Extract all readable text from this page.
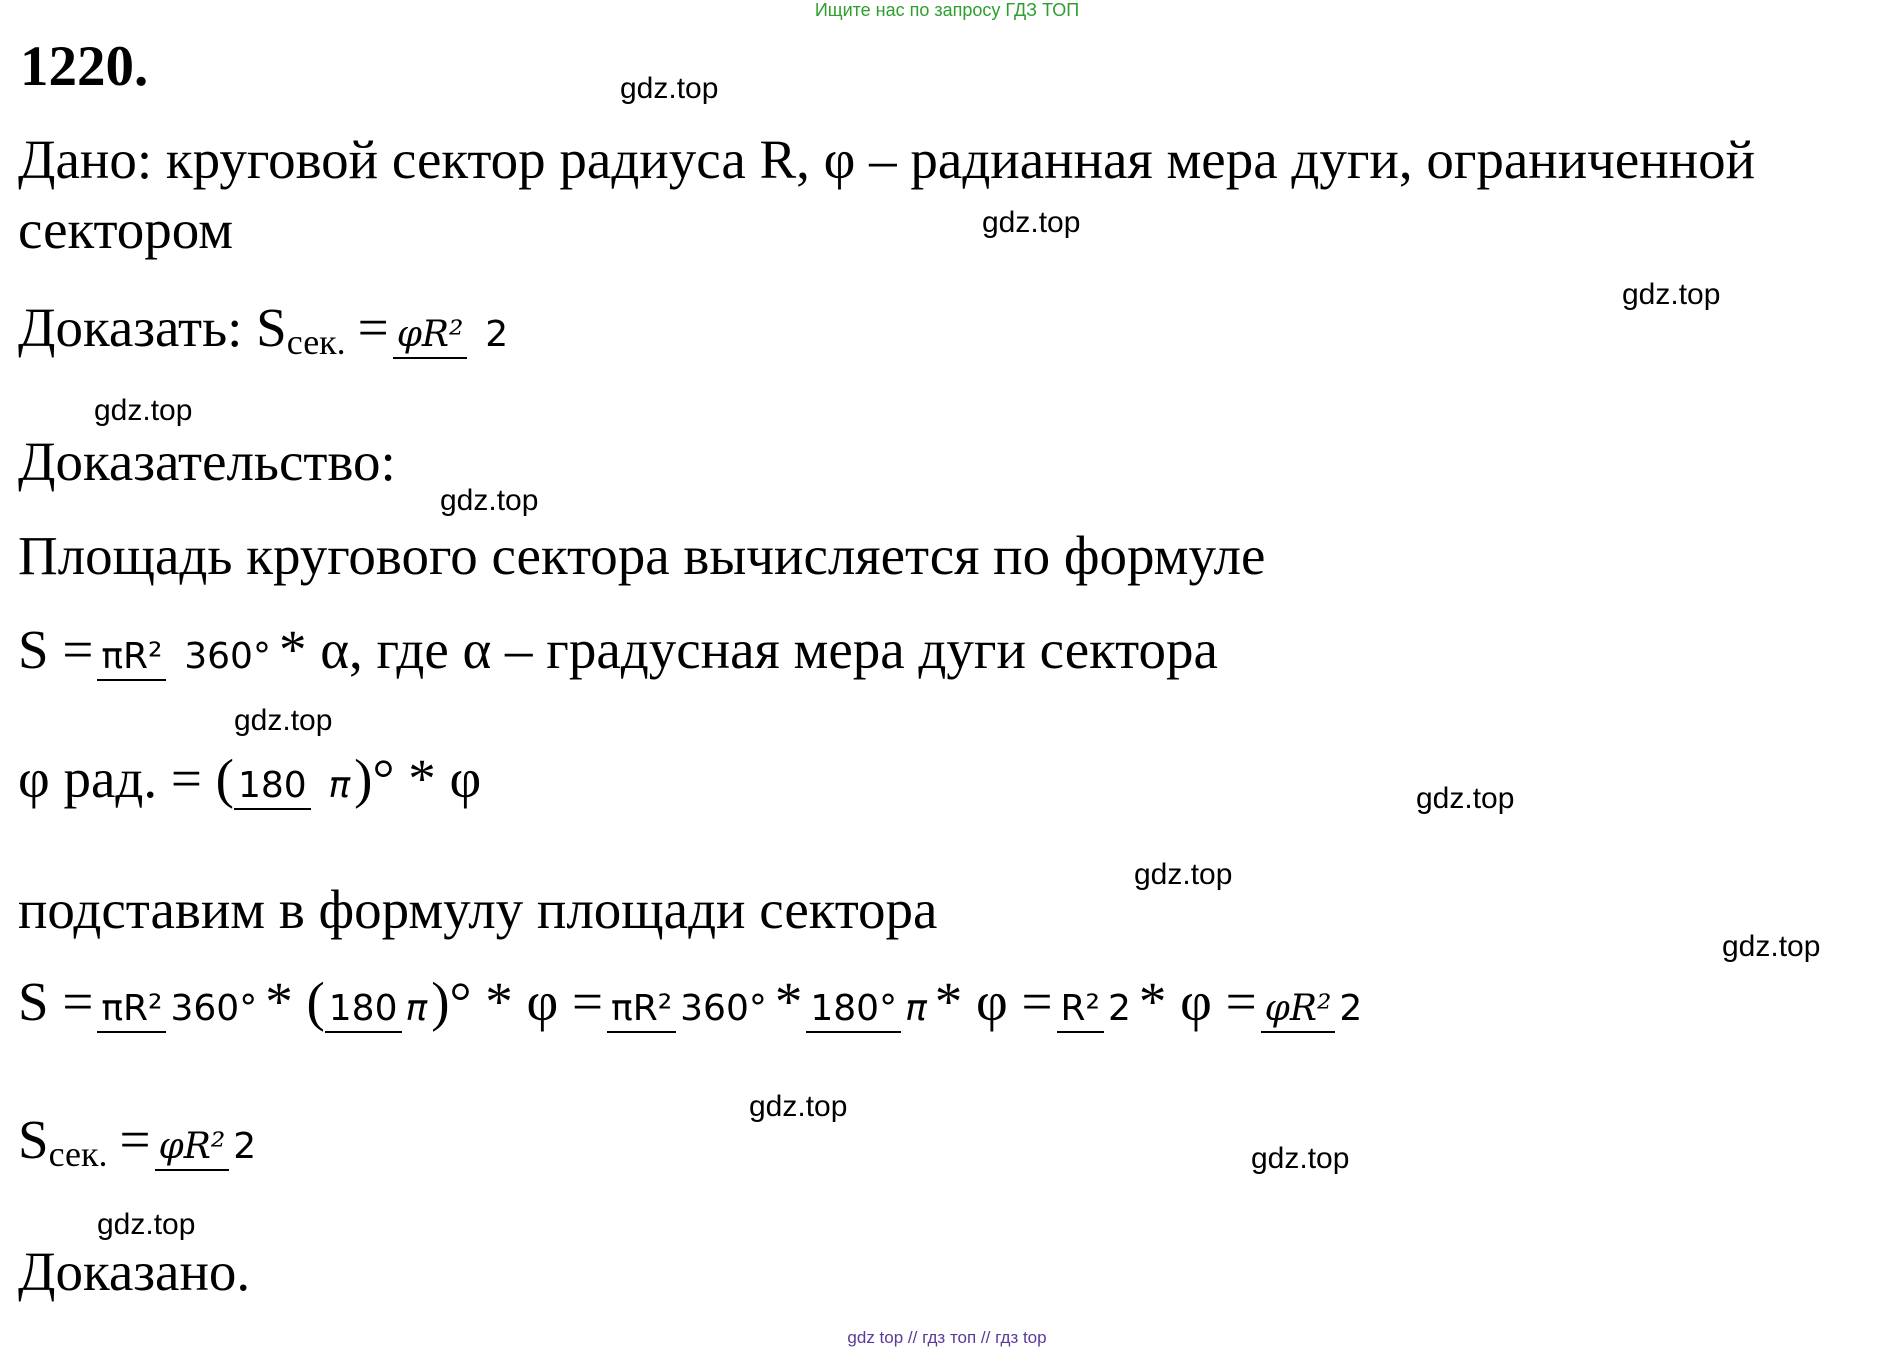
Ищите нас по запросу ГДЗ ТОП
1220.
Дано: круговой сектор радиуса R, φ – радианная мера дуги, ограниченной
сектором
Доказать: S сек. = φR² 2
Доказательство:
Площадь кругового сектора вычисляется по формуле
S = πR² 360° * α, где α – градусная мера дуги сектора
φ рад. = ( 180 π )° * φ
подставим в формулу площади сектора
S = πR² 360° * ( 180 π )° * φ = πR² 360° * 180° π * φ = R² 2 * φ = φR² 2
S сек. = φR² 2
Доказано.
gdz.top
gdz.top
gdz.top
gdz.top
gdz.top
gdz.top
gdz.top
gdz.top
gdz.top
gdz.top
gdz.top
gdz.top
gdz top // гдз топ // гдз top
